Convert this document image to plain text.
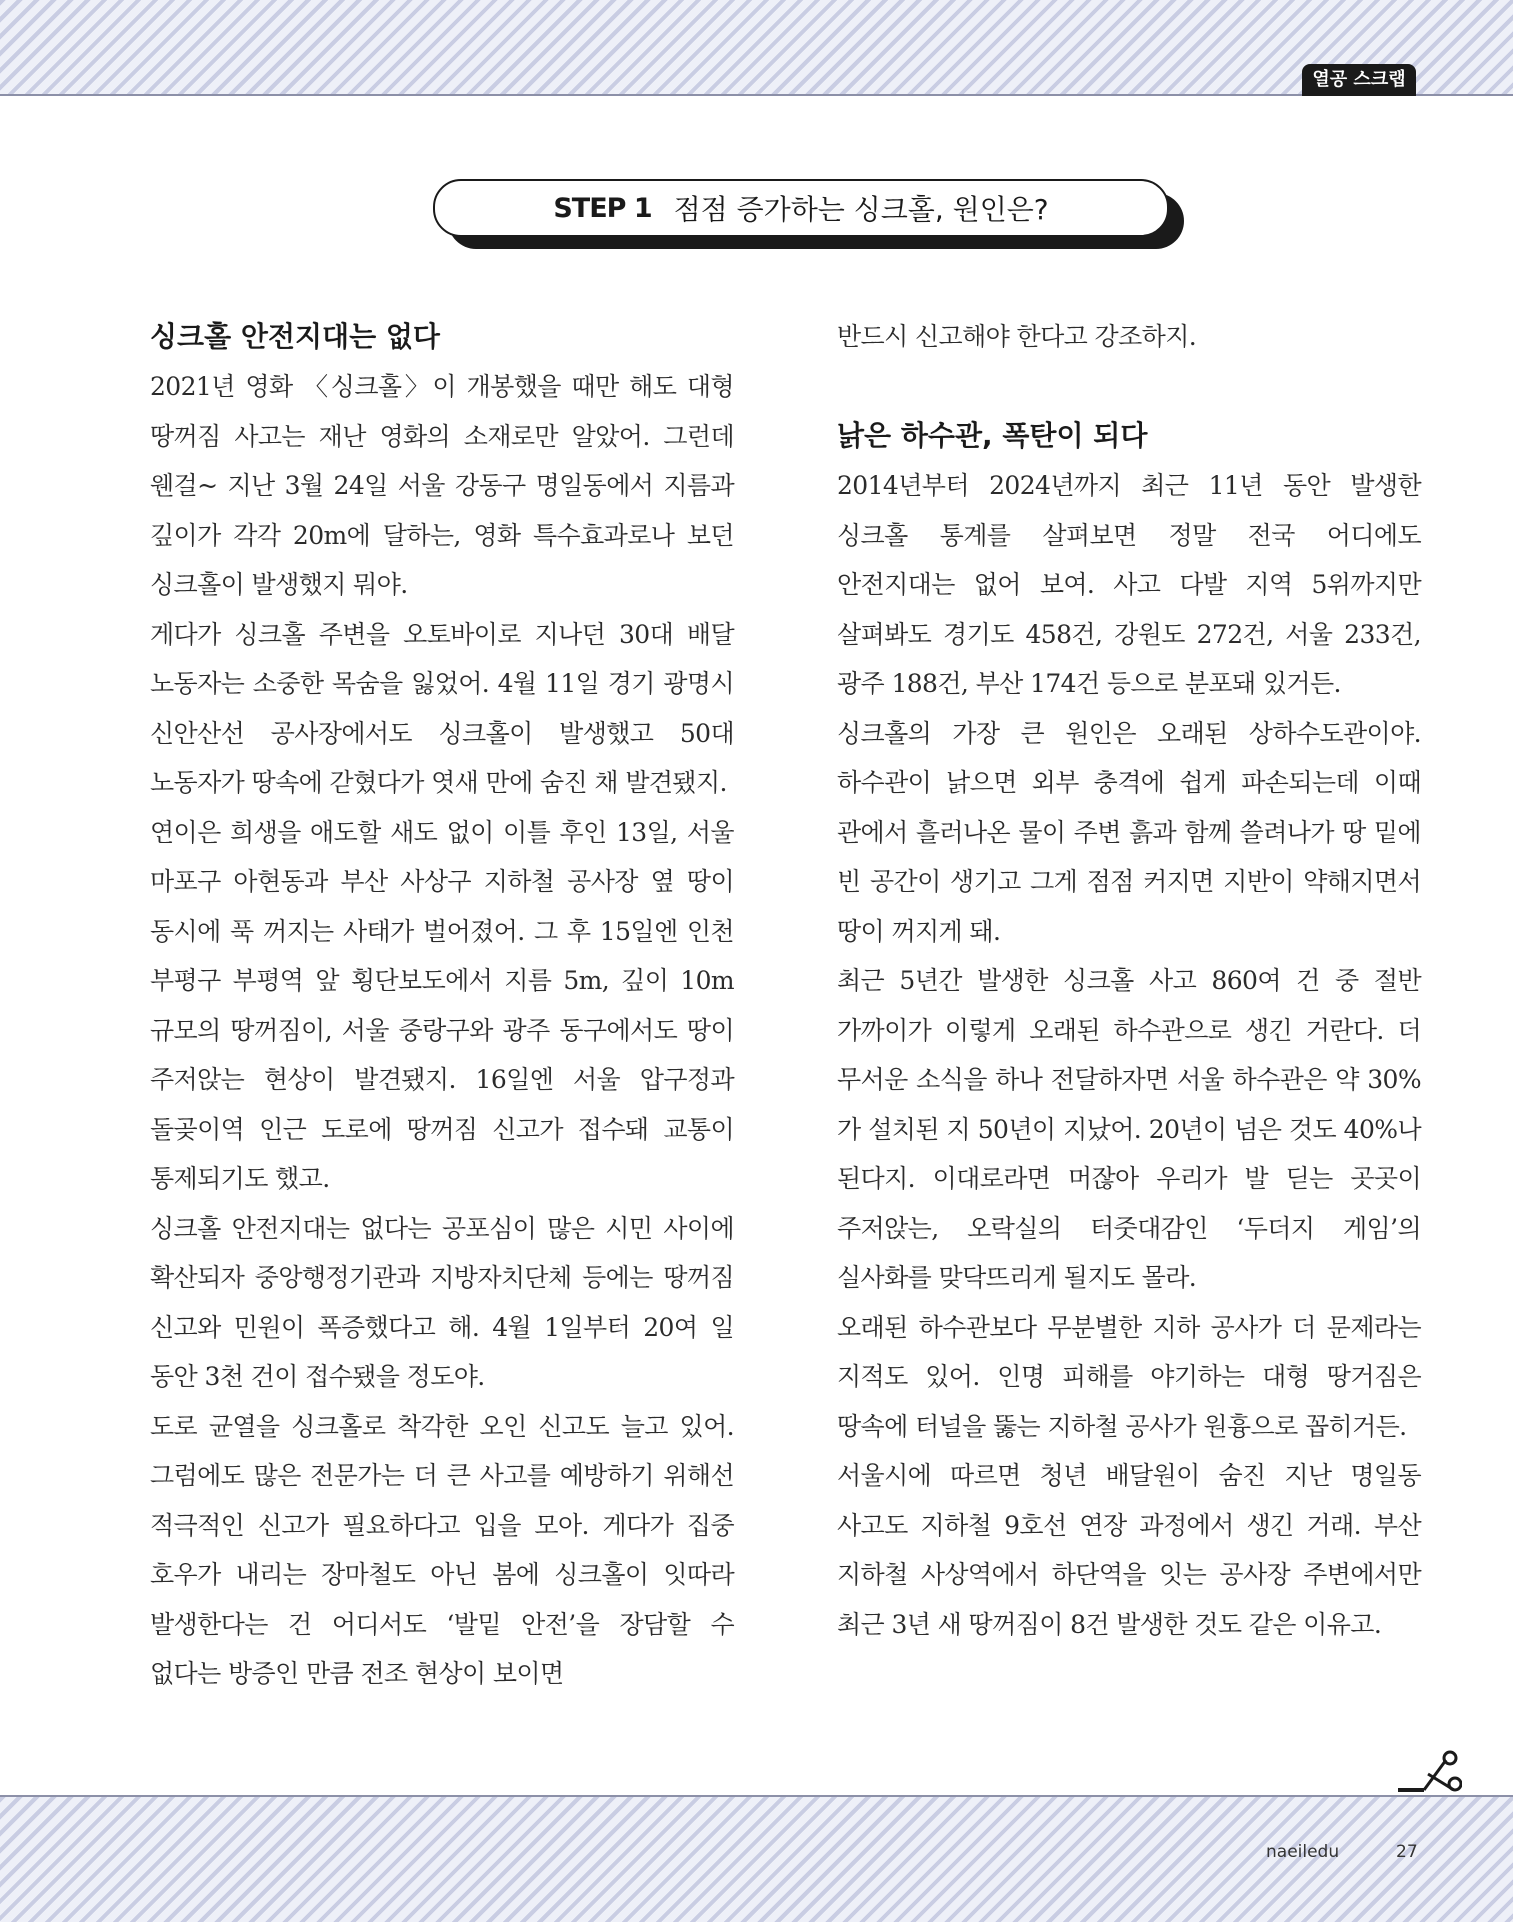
열공 스크랩
STEP 1 점점 증가하는 싱크홀, 원인은?
싱크홀 안전지대는 없다

2021년 영화 〈싱크홀〉이 개봉했을 때만 해도 대형 땅꺼짐 사고는 재난 영화의 소재로만 알았어. 그런데 웬걸~ 지난 3월 24일 서울 강동구 명일동에서 지름과 깊이가 각각 20m에 달하는, 영화 특수효과로나 보던 싱크홀이 발생했지 뭐야.

게다가 싱크홀 주변을 오토바이로 지나던 30대 배달 노동자는 소중한 목숨을 잃었어. 4월 11일 경기 광명시 신안산선 공사장에서도 싱크홀이 발생했고 50대 노동자가 땅속에 갇혔다가 엿새 만에 숨진 채 발견됐지.

연이은 희생을 애도할 새도 없이 이틀 후인 13일, 서울 마포구 아현동과 부산 사상구 지하철 공사장 옆 땅이 동시에 푹 꺼지는 사태가 벌어졌어. 그 후 15일엔 인천 부평구 부평역 앞 횡단보도에서 지름 5m, 깊이 10m 규모의 땅꺼짐이, 서울 중랑구와 광주 동구에서도 땅이 주저앉는 현상이 발견됐지. 16일엔 서울 압구정과 돌곶이역 인근 도로에 땅꺼짐 신고가 접수돼 교통이 통제되기도 했고.

싱크홀 안전지대는 없다는 공포심이 많은 시민 사이에 확산되자 중앙행정기관과 지방자치단체 등에는 땅꺼짐 신고와 민원이 폭증했다고 해. 4월 1일부터 20여 일 동안 3천 건이 접수됐을 정도야.

도로 균열을 싱크홀로 착각한 오인 신고도 늘고 있어. 그럼에도 많은 전문가는 더 큰 사고를 예방하기 위해선 적극적인 신고가 필요하다고 입을 모아. 게다가 집중 호우가 내리는 장마철도 아닌 봄에 싱크홀이 잇따라 발생한다는 건 어디서도 ‘발밑 안전’을 장담할 수 없다는 방증인 만큼 전조 현상이 보이면

반드시 신고해야 한다고 강조하지.

낡은 하수관, 폭탄이 되다

2014년부터 2024년까지 최근 11년 동안 발생한 싱크홀 통계를 살펴보면 정말 전국 어디에도 안전지대는 없어 보여. 사고 다발 지역 5위까지만 살펴봐도 경기도 458건, 강원도 272건, 서울 233건, 광주 188건, 부산 174건 등으로 분포돼 있거든.

싱크홀의 가장 큰 원인은 오래된 상하수도관이야. 하수관이 낡으면 외부 충격에 쉽게 파손되는데 이때 관에서 흘러나온 물이 주변 흙과 함께 쓸려나가 땅 밑에 빈 공간이 생기고 그게 점점 커지면 지반이 약해지면서 땅이 꺼지게 돼.

최근 5년간 발생한 싱크홀 사고 860여 건 중 절반 가까이가 이렇게 오래된 하수관으로 생긴 거란다. 더 무서운 소식을 하나 전달하자면 서울 하수관은 약 30%가 설치된 지 50년이 지났어. 20년이 넘은 것도 40%나 된다지. 이대로라면 머잖아 우리가 발 딛는 곳곳이 주저앉는, 오락실의 터줏대감인 ‘두더지 게임’의 실사화를 맞닥뜨리게 될지도 몰라.

오래된 하수관보다 무분별한 지하 공사가 더 문제라는 지적도 있어. 인명 피해를 야기하는 대형 땅거짐은 땅속에 터널을 뚫는 지하철 공사가 원흉으로 꼽히거든.

서울시에 따르면 청년 배달원이 숨진 지난 명일동 사고도 지하철 9호선 연장 과정에서 생긴 거래. 부산 지하철 사상역에서 하단역을 잇는 공사장 주변에서만 최근 3년 새 땅꺼짐이 8건 발생한 것도 같은 이유고.

naeiledu	27
